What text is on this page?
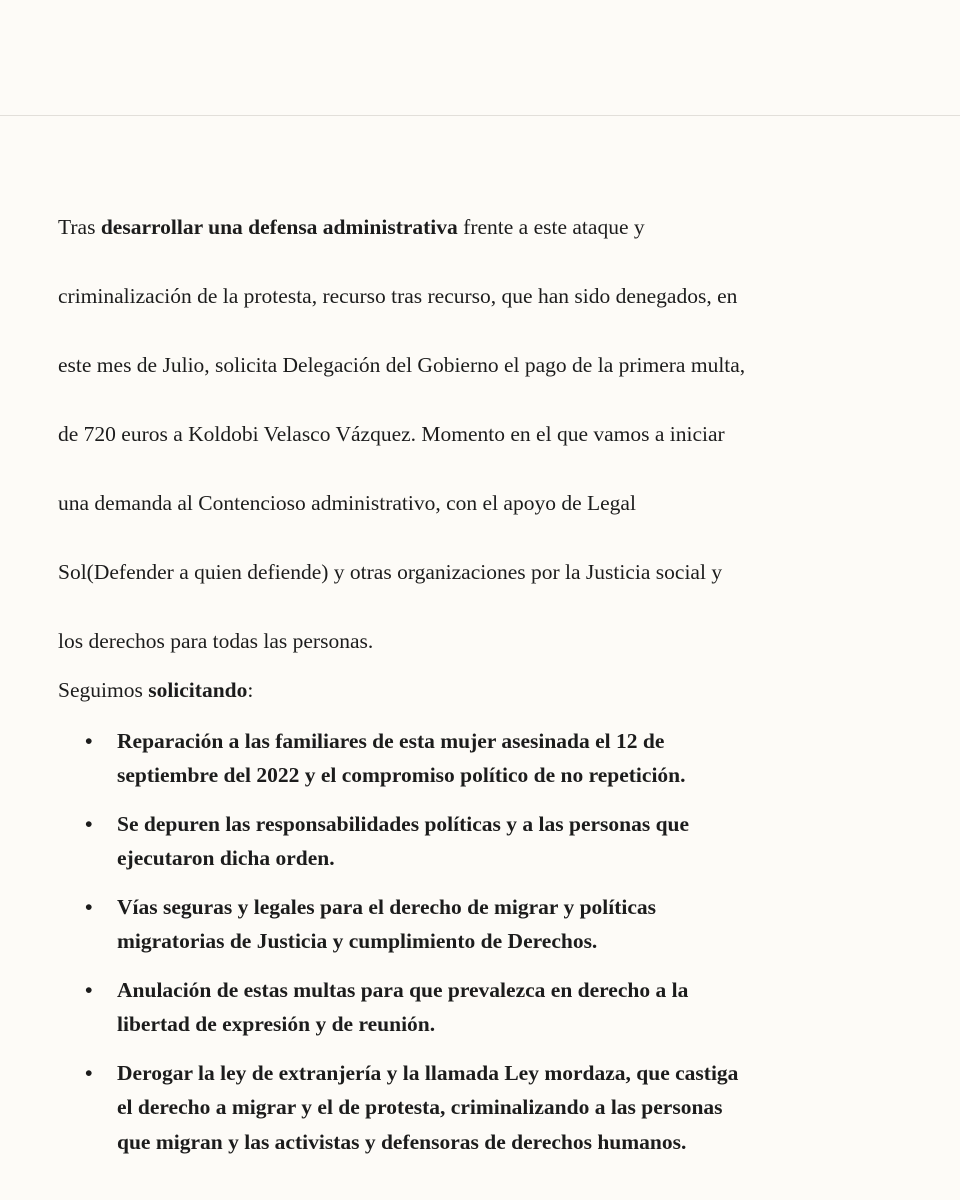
Tras desarrollar una defensa administrativa frente a este ataque y

criminalización de la protesta, recurso tras recurso, que han sido denegados, en

este mes de Julio, solicita Delegación del Gobierno el pago de la primera multa,

de 720 euros a Koldobi Velasco Vázquez. Momento en el que vamos a iniciar

una demanda al Contencioso administrativo, con el apoyo de Legal

Sol(Defender a quien defiende) y otras organizaciones por la Justicia social y

los derechos para todas las personas.

Seguimos solicitando:

• Reparación a las familiares de esta mujer asesinada el 12 de
septiembre del 2022 y el compromiso político de no repetición.
• Se depuren las responsabilidades políticas y a las personas que
ejecutaron dicha orden.
• Vías seguras y legales para el derecho de migrar y políticas
migratorias de Justicia y cumplimiento de Derechos.
• Anulación de estas multas para que prevalezca en derecho a la
libertad de expresión y de reunión.
• Derogar la ley de extranjería y la llamada Ley mordaza, que castiga
el derecho a migrar y el de protesta, criminalizando a las personas
que migran y las activistas y defensoras de derechos humanos.
